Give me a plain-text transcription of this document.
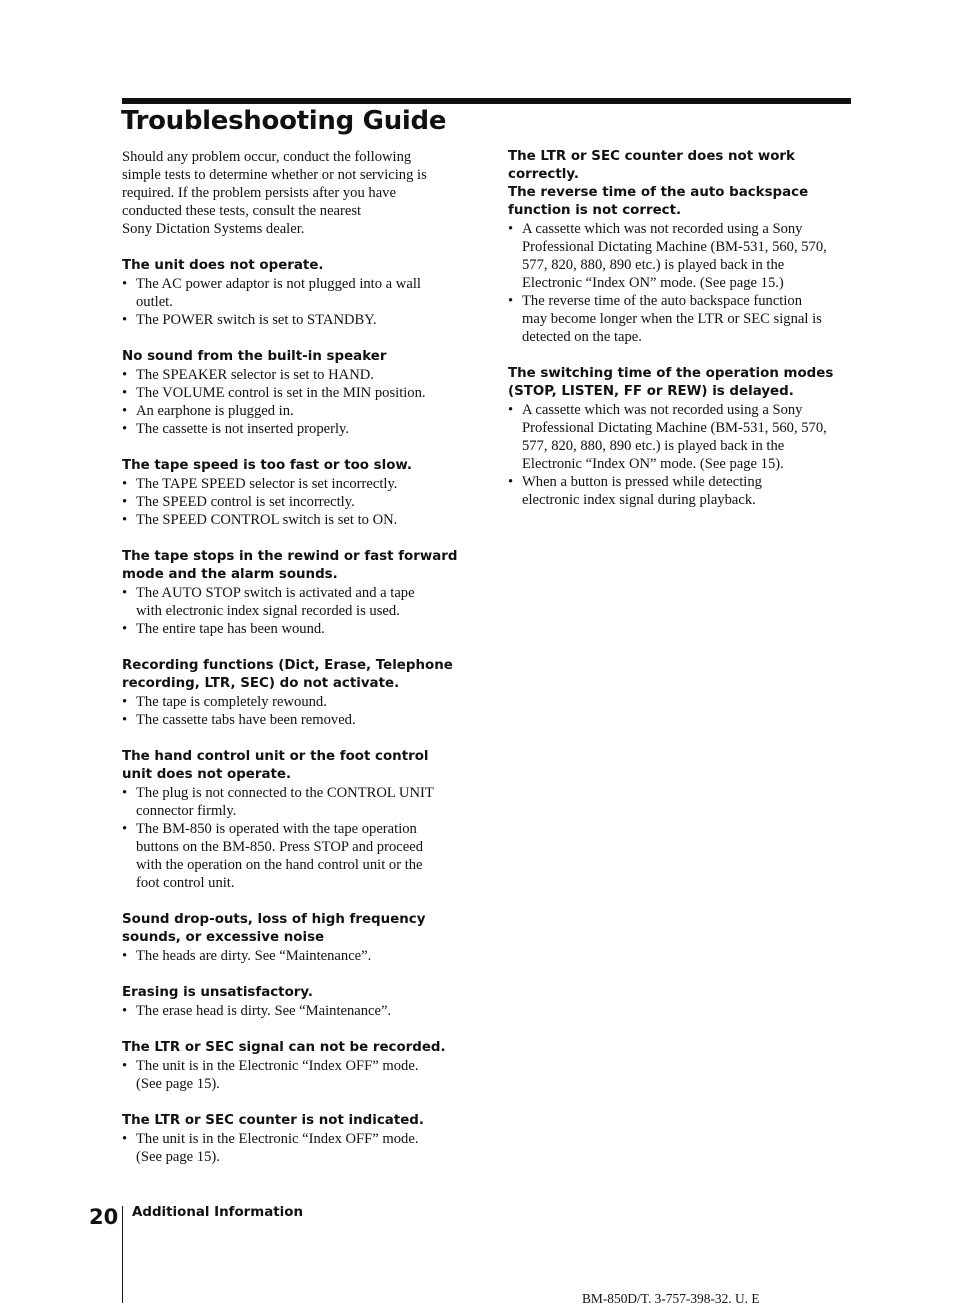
Troubleshooting Guide

Should any problem occur, conduct the following
simple tests to determine whether or not servicing is
required. If the problem persists after you have
conducted these tests, consult the nearest
Sony Dictation Systems dealer.

The unit does not operate.
• The AC power adaptor is not plugged into a wall
outlet.
• The POWER switch is set to STANDBY.
No sound from the built-in speaker
• The SPEAKER selector is set to HAND.
• The VOLUME control is set in the MIN position.
• An earphone is plugged in.
• The cassette is not inserted properly.
The tape speed is too fast or too slow.
• The TAPE SPEED selector is set incorrectly.
• The SPEED control is set incorrectly.
• The SPEED CONTROL switch is set to ON.
The tape stops in the rewind or fast forward
mode and the alarm sounds.
• The AUTO STOP switch is activated and a tape
with electronic index signal recorded is used.
• The entire tape has been wound.
Recording functions (Dict, Erase, Telephone
recording, LTR, SEC) do not activate.
• The tape is completely rewound.
• The cassette tabs have been removed.
The hand control unit or the foot control
unit does not operate.
• The plug is not connected to the CONTROL UNIT
connector firmly.
• The BM-850 is operated with the tape operation
buttons on the BM-850. Press STOP and proceed
with the operation on the hand control unit or the
foot control unit.
Sound drop-outs, loss of high frequency
sounds, or excessive noise
• The heads are dirty. See “Maintenance”.
Erasing is unsatisfactory.
• The erase head is dirty. See “Maintenance”.
The LTR or SEC signal can not be recorded.
• The unit is in the Electronic “Index OFF” mode.
(See page 15).
The LTR or SEC counter is not indicated.
• The unit is in the Electronic “Index OFF” mode.
(See page 15).
The LTR or SEC counter does not work
correctly.
The reverse time of the auto backspace
function is not correct.
• A cassette which was not recorded using a Sony
Professional Dictating Machine (BM-531, 560, 570,
577, 820, 880, 890 etc.) is played back in the
Electronic “Index ON” mode. (See page 15.)
• The reverse time of the auto backspace function
may become longer when the LTR or SEC signal is
detected on the tape.
The switching time of the operation modes
(STOP, LISTEN, FF or REW) is delayed.
• A cassette which was not recorded using a Sony
Professional Dictating Machine (BM-531, 560, 570,
577, 820, 880, 890 etc.) is played back in the
Electronic “Index ON” mode. (See page 15).
• When a button is pressed while detecting
electronic index signal during playback.
20 Additional Information
BM-850D/T. 3-757-398-32. U. E
